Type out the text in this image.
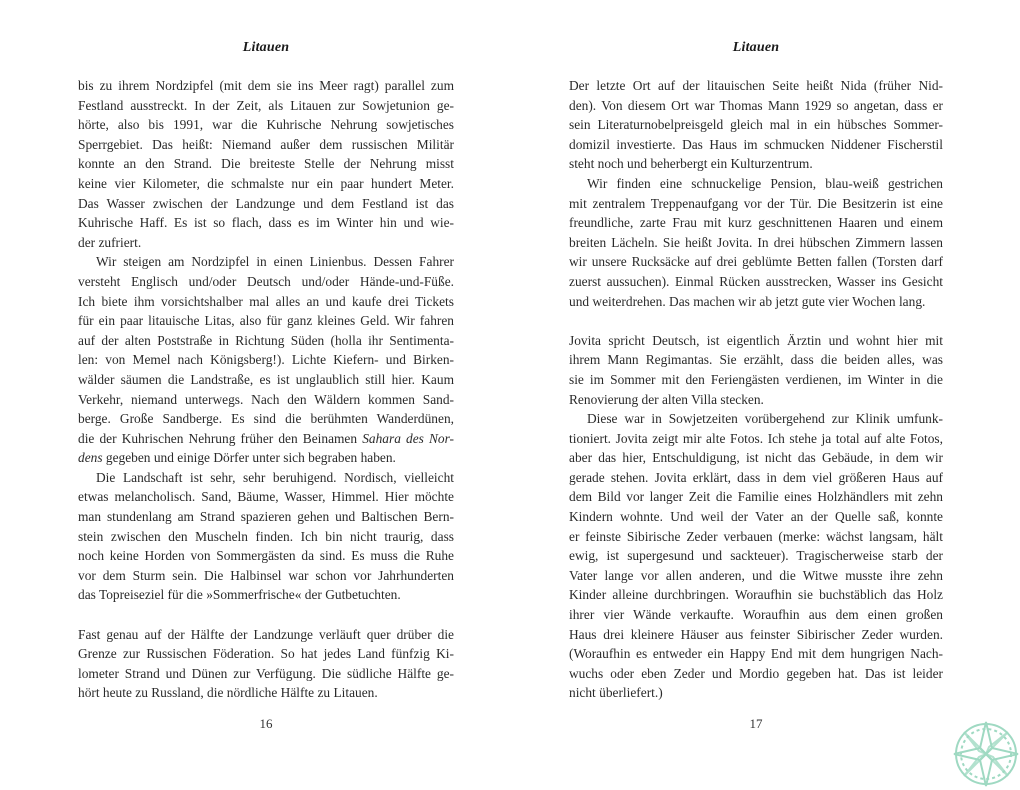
Litauen
bis zu ihrem Nordzipfel (mit dem sie ins Meer ragt) parallel zum
Festland ausstreckt. In der Zeit, als Litauen zur Sowjetunion ge-
hörte, also bis 1991, war die Kuhrische Nehrung sowjetisches
Sperrgebiet. Das heißt: Niemand außer dem russischen Militär
konnte an den Strand. Die breiteste Stelle der Nehrung misst
keine vier Kilometer, die schmalste nur ein paar hundert Meter.
Das Wasser zwischen der Landzunge und dem Festland ist das
Kuhrische Haff. Es ist so flach, dass es im Winter hin und wie-
der zufriert.
Wir steigen am Nordzipfel in einen Linienbus. Dessen Fahrer
versteht Englisch und/oder Deutsch und/oder Hände-und-Füße.
Ich biete ihm vorsichtshalber mal alles an und kaufe drei Tickets
für ein paar litauische Litas, also für ganz kleines Geld. Wir fahren
auf der alten Poststraße in Richtung Süden (holla ihr Sentimenta-
len: von Memel nach Königsberg!). Lichte Kiefern- und Birken-
wälder säumen die Landstraße, es ist unglaublich still hier. Kaum
Verkehr, niemand unterwegs. Nach den Wäldern kommen Sand-
berge. Große Sandberge. Es sind die berühmten Wanderdünen,
die der Kuhrischen Nehrung früher den Beinamen Sahara des Nor-
dens gegeben und einige Dörfer unter sich begraben haben.
Die Landschaft ist sehr, sehr beruhigend. Nordisch, vielleicht
etwas melancholisch. Sand, Bäume, Wasser, Himmel. Hier möchte
man stundenlang am Strand spazieren gehen und Baltischen Bern-
stein zwischen den Muscheln finden. Ich bin nicht traurig, dass
noch keine Horden von Sommergästen da sind. Es muss die Ruhe
vor dem Sturm sein. Die Halbinsel war schon vor Jahrhunderten
das Topreiseziel für die »Sommerfrische« der Gutbetuchten.
Fast genau auf der Hälfte der Landzunge verläuft quer drüber die
Grenze zur Russischen Föderation. So hat jedes Land fünfzig Ki-
lometer Strand und Dünen zur Verfügung. Die südliche Hälfte ge-
hört heute zu Russland, die nördliche Hälfte zu Litauen.
16
Litauen
Der letzte Ort auf der litauischen Seite heißt Nida (früher Nid-
den). Von diesem Ort war Thomas Mann 1929 so angetan, dass er
sein Literaturnobelpreisgeld gleich mal in ein hübsches Sommer-
domizil investierte. Das Haus im schmucken Niddener Fischerstil
steht noch und beherbergt ein Kulturzentrum.
Wir finden eine schnuckelige Pension, blau-weiß gestrichen
mit zentralem Treppenaufgang vor der Tür. Die Besitzerin ist eine
freundliche, zarte Frau mit kurz geschnittenen Haaren und einem
breiten Lächeln. Sie heißt Jovita. In drei hübschen Zimmern lassen
wir unsere Rucksäcke auf drei geblümte Betten fallen (Torsten darf
zuerst aussuchen). Einmal Rücken ausstrecken, Wasser ins Gesicht
und weiterdrehen. Das machen wir ab jetzt gute vier Wochen lang.
Jovita spricht Deutsch, ist eigentlich Ärztin und wohnt hier mit
ihrem Mann Regimantas. Sie erzählt, dass die beiden alles, was
sie im Sommer mit den Feriengästen verdienen, im Winter in die
Renovierung der alten Villa stecken.
Diese war in Sowjetzeiten vorübergehend zur Klinik umfunk-
tioniert. Jovita zeigt mir alte Fotos. Ich stehe ja total auf alte Fotos,
aber das hier, Entschuldigung, ist nicht das Gebäude, in dem wir
gerade stehen. Jovita erklärt, dass in dem viel größeren Haus auf
dem Bild vor langer Zeit die Familie eines Holzhändlers mit zehn
Kindern wohnte. Und weil der Vater an der Quelle saß, konnte
er feinste Sibirische Zeder verbauen (merke: wächst langsam, hält
ewig, ist supergesund und sackteuer). Tragischerweise starb der
Vater lange vor allen anderen, und die Witwe musste ihre zehn
Kinder alleine durchbringen. Woraufhin sie buchstäblich das Holz
ihrer vier Wände verkaufte. Woraufhin aus dem einen großen
Haus drei kleinere Häuser aus feinster Sibirischer Zeder wurden.
(Woraufhin es entweder ein Happy End mit dem hungrigen Nach-
wuchs oder eben Zeder und Mordio gegeben hat. Das ist leider
nicht überliefert.)
17
